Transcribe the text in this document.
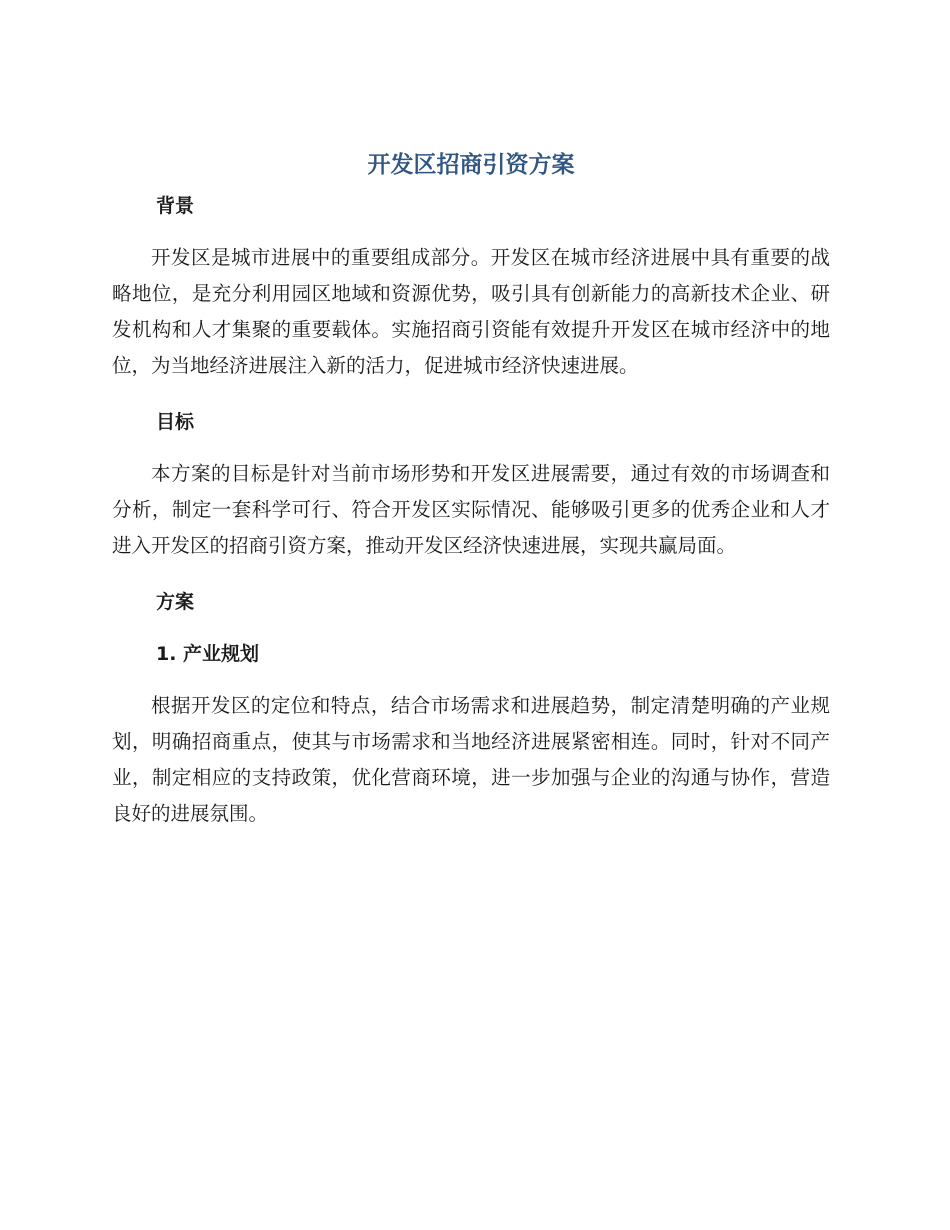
开发区招商引资方案
背景

开发区是城市进展中的重要组成部分。开发区在城市经济进展中具有重要的战略地位，是充分利用园区地域和资源优势，吸引具有创新能力的高新技术企业、研发机构和人才集聚的重要载体。实施招商引资能有效提升开发区在城市经济中的地位，为当地经济进展注入新的活力，促进城市经济快速进展。

目标

本方案的目标是针对当前市场形势和开发区进展需要，通过有效的市场调查和分析，制定一套科学可行、符合开发区实际情况、能够吸引更多的优秀企业和人才进入开发区的招商引资方案，推动开发区经济快速进展，实现共赢局面。

方案
1. 产业规划

根据开发区的定位和特点，结合市场需求和进展趋势，制定清楚明确的产业规划，明确招商重点，使其与市场需求和当地经济进展紧密相连。同时，针对不同产业，制定相应的支持政策，优化营商环境，进一步加强与企业的沟通与协作，营造良好的进展氛围。
